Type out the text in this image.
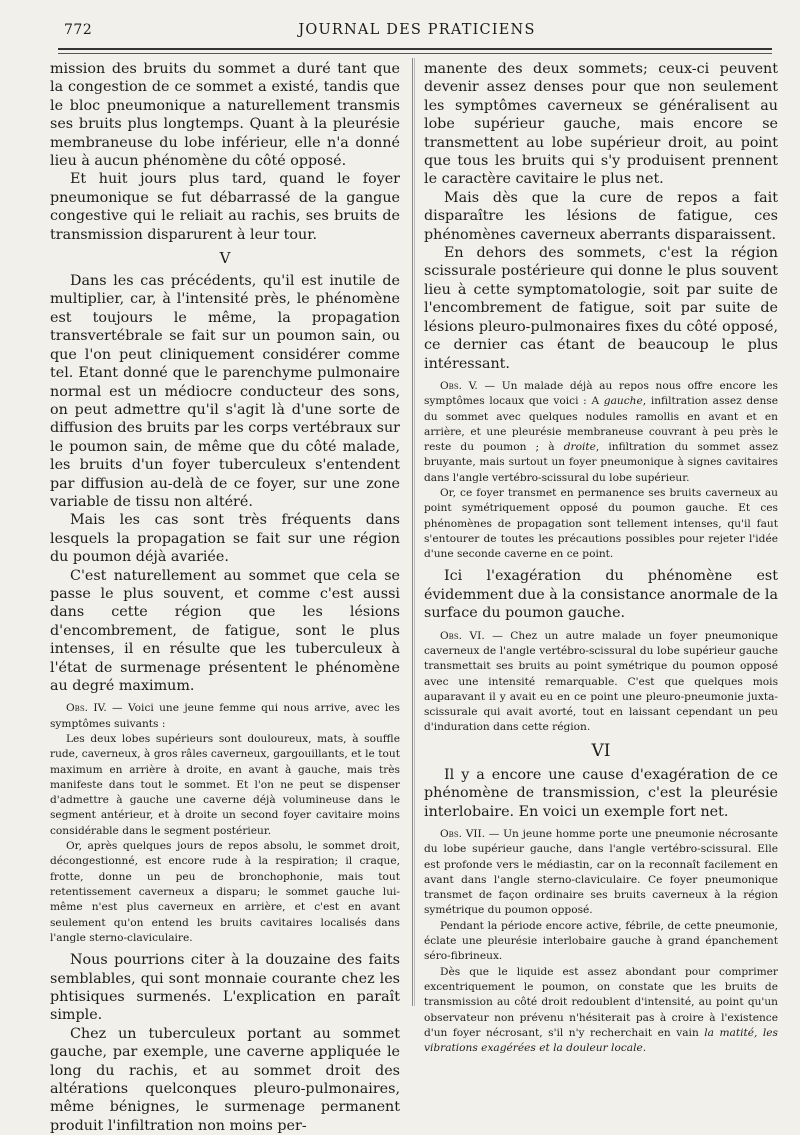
772	JOURNAL DES PRATICIENS

mission des bruits du sommet a duré tant que la congestion de ce sommet a existé, tandis que le bloc pneumonique a naturellement transmis ses bruits plus longtemps. Quant à la pleurésie membraneuse du lobe inférieur, elle n'a donné lieu à aucun phénomène du côté opposé.

Et huit jours plus tard, quand le foyer pneumonique se fut débarrassé de la gangue congestive qui le reliait au rachis, ses bruits de transmission disparurent à leur tour.

V

Dans les cas précédents, qu'il est inutile de multiplier, car, à l'intensité près, le phénomène est toujours le même, la propagation transvertébrale se fait sur un poumon sain, ou que l'on peut cliniquement considérer comme tel. Etant donné que le parenchyme pulmonaire normal est un médiocre conducteur des sons, on peut admettre qu'il s'agit là d'une sorte de diffusion des bruits par les corps vertébraux sur le poumon sain, de même que du côté malade, les bruits d'un foyer tuberculeux s'entendent par diffusion au-delà de ce foyer, sur une zone variable de tissu non altéré.

Mais les cas sont très fréquents dans lesquels la propagation se fait sur une région du poumon déjà avariée.

C'est naturellement au sommet que cela se passe le plus souvent, et comme c'est aussi dans cette région que les lésions d'encombrement, de fatigue, sont le plus intenses, il en résulte que les tuberculeux à l'état de surmenage présentent le phénomène au degré maximum.

Obs. IV. — Voici une jeune femme qui nous arrive, avec les symptômes suivants :

Les deux lobes supérieurs sont douloureux, mats, à souffle rude, caverneux, à gros râles caverneux, gargouillants, et le tout maximum en arrière à droite, en avant à gauche, mais très manifeste dans tout le sommet. Et l'on ne peut se dispenser d'admettre à gauche une caverne déjà volumineuse dans le segment antérieur, et à droite un second foyer cavitaire moins considérable dans le segment postérieur.

Or, après quelques jours de repos absolu, le sommet droit, décongestionné, est encore rude à la respiration; il craque, frotte, donne un peu de bronchophonie, mais tout retentissement caverneux a disparu; le sommet gauche lui-même n'est plus caverneux en arrière, et c'est en avant seulement qu'on entend les bruits cavitaires localisés dans l'angle sterno-claviculaire.

Nous pourrions citer à la douzaine des faits semblables, qui sont monnaie courante chez les phtisiques surmenés. L'explication en paraît simple.

Chez un tuberculeux portant au sommet gauche, par exemple, une caverne appliquée le long du rachis, et au sommet droit des altérations quelconques pleuro-pulmonaires, même bénignes, le surmenage permanent produit l'infiltration non moins per-

manente des deux sommets; ceux-ci peuvent devenir assez denses pour que non seulement les symptômes caverneux se généralisent au lobe supérieur gauche, mais encore se transmettent au lobe supérieur droit, au point que tous les bruits qui s'y produisent prennent le caractère cavitaire le plus net.

Mais dès que la cure de repos a fait disparaître les lésions de fatigue, ces phénomènes caverneux aberrants disparaissent.

En dehors des sommets, c'est la région scissurale postérieure qui donne le plus souvent lieu à cette symptomatologie, soit par suite de l'encombrement de fatigue, soit par suite de lésions pleuro-pulmonaires fixes du côté opposé, ce dernier cas étant de beaucoup le plus intéressant.

Obs. V. — Un malade déjà au repos nous offre encore les symptômes locaux que voici : A gauche, infiltration assez dense du sommet avec quelques nodules ramollis en avant et en arrière, et une pleurésie membraneuse couvrant à peu près le reste du poumon ; à droite, infiltration du sommet assez bruyante, mais surtout un foyer pneumonique à signes cavitaires dans l'angle vertébro-scissural du lobe supérieur.

Or, ce foyer transmet en permanence ses bruits caverneux au point symétriquement opposé du poumon gauche. Et ces phénomènes de propagation sont tellement intenses, qu'il faut s'entourer de toutes les précautions possibles pour rejeter l'idée d'une seconde caverne en ce point.

Ici l'exagération du phénomène est évidemment due à la consistance anormale de la surface du poumon gauche.

Obs. VI. — Chez un autre malade un foyer pneumonique caverneux de l'angle vertébro-scissural du lobe supérieur gauche transmettait ses bruits au point symétrique du poumon opposé avec une intensité remarquable. C'est que quelques mois auparavant il y avait eu en ce point une pleuro-pneumonie juxta-scissurale qui avait avorté, tout en laissant cependant un peu d'induration dans cette région.

VI

Il y a encore une cause d'exagération de ce phénomène de transmission, c'est la pleurésie interlobaire. En voici un exemple fort net.

Obs. VII. — Un jeune homme porte une pneumonie nécrosante du lobe supérieur gauche, dans l'angle vertébro-scissural. Elle est profonde vers le médiastin, car on la reconnaît facilement en avant dans l'angle sterno-claviculaire. Ce foyer pneumonique transmet de façon ordinaire ses bruits caverneux à la région symétrique du poumon opposé.

Pendant la période encore active, fébrile, de cette pneumonie, éclate une pleurésie interlobaire gauche à grand épanchement séro-fibrineux.

Dès que le liquide est assez abondant pour comprimer excentriquement le poumon, on constate que les bruits de transmission au côté droit redoublent d'intensité, au point qu'un observateur non prévenu n'hésiterait pas à croire à l'existence d'un foyer nécrosant, s'il n'y recherchait en vain la matité, les vibrations exagérées et la douleur locale.
